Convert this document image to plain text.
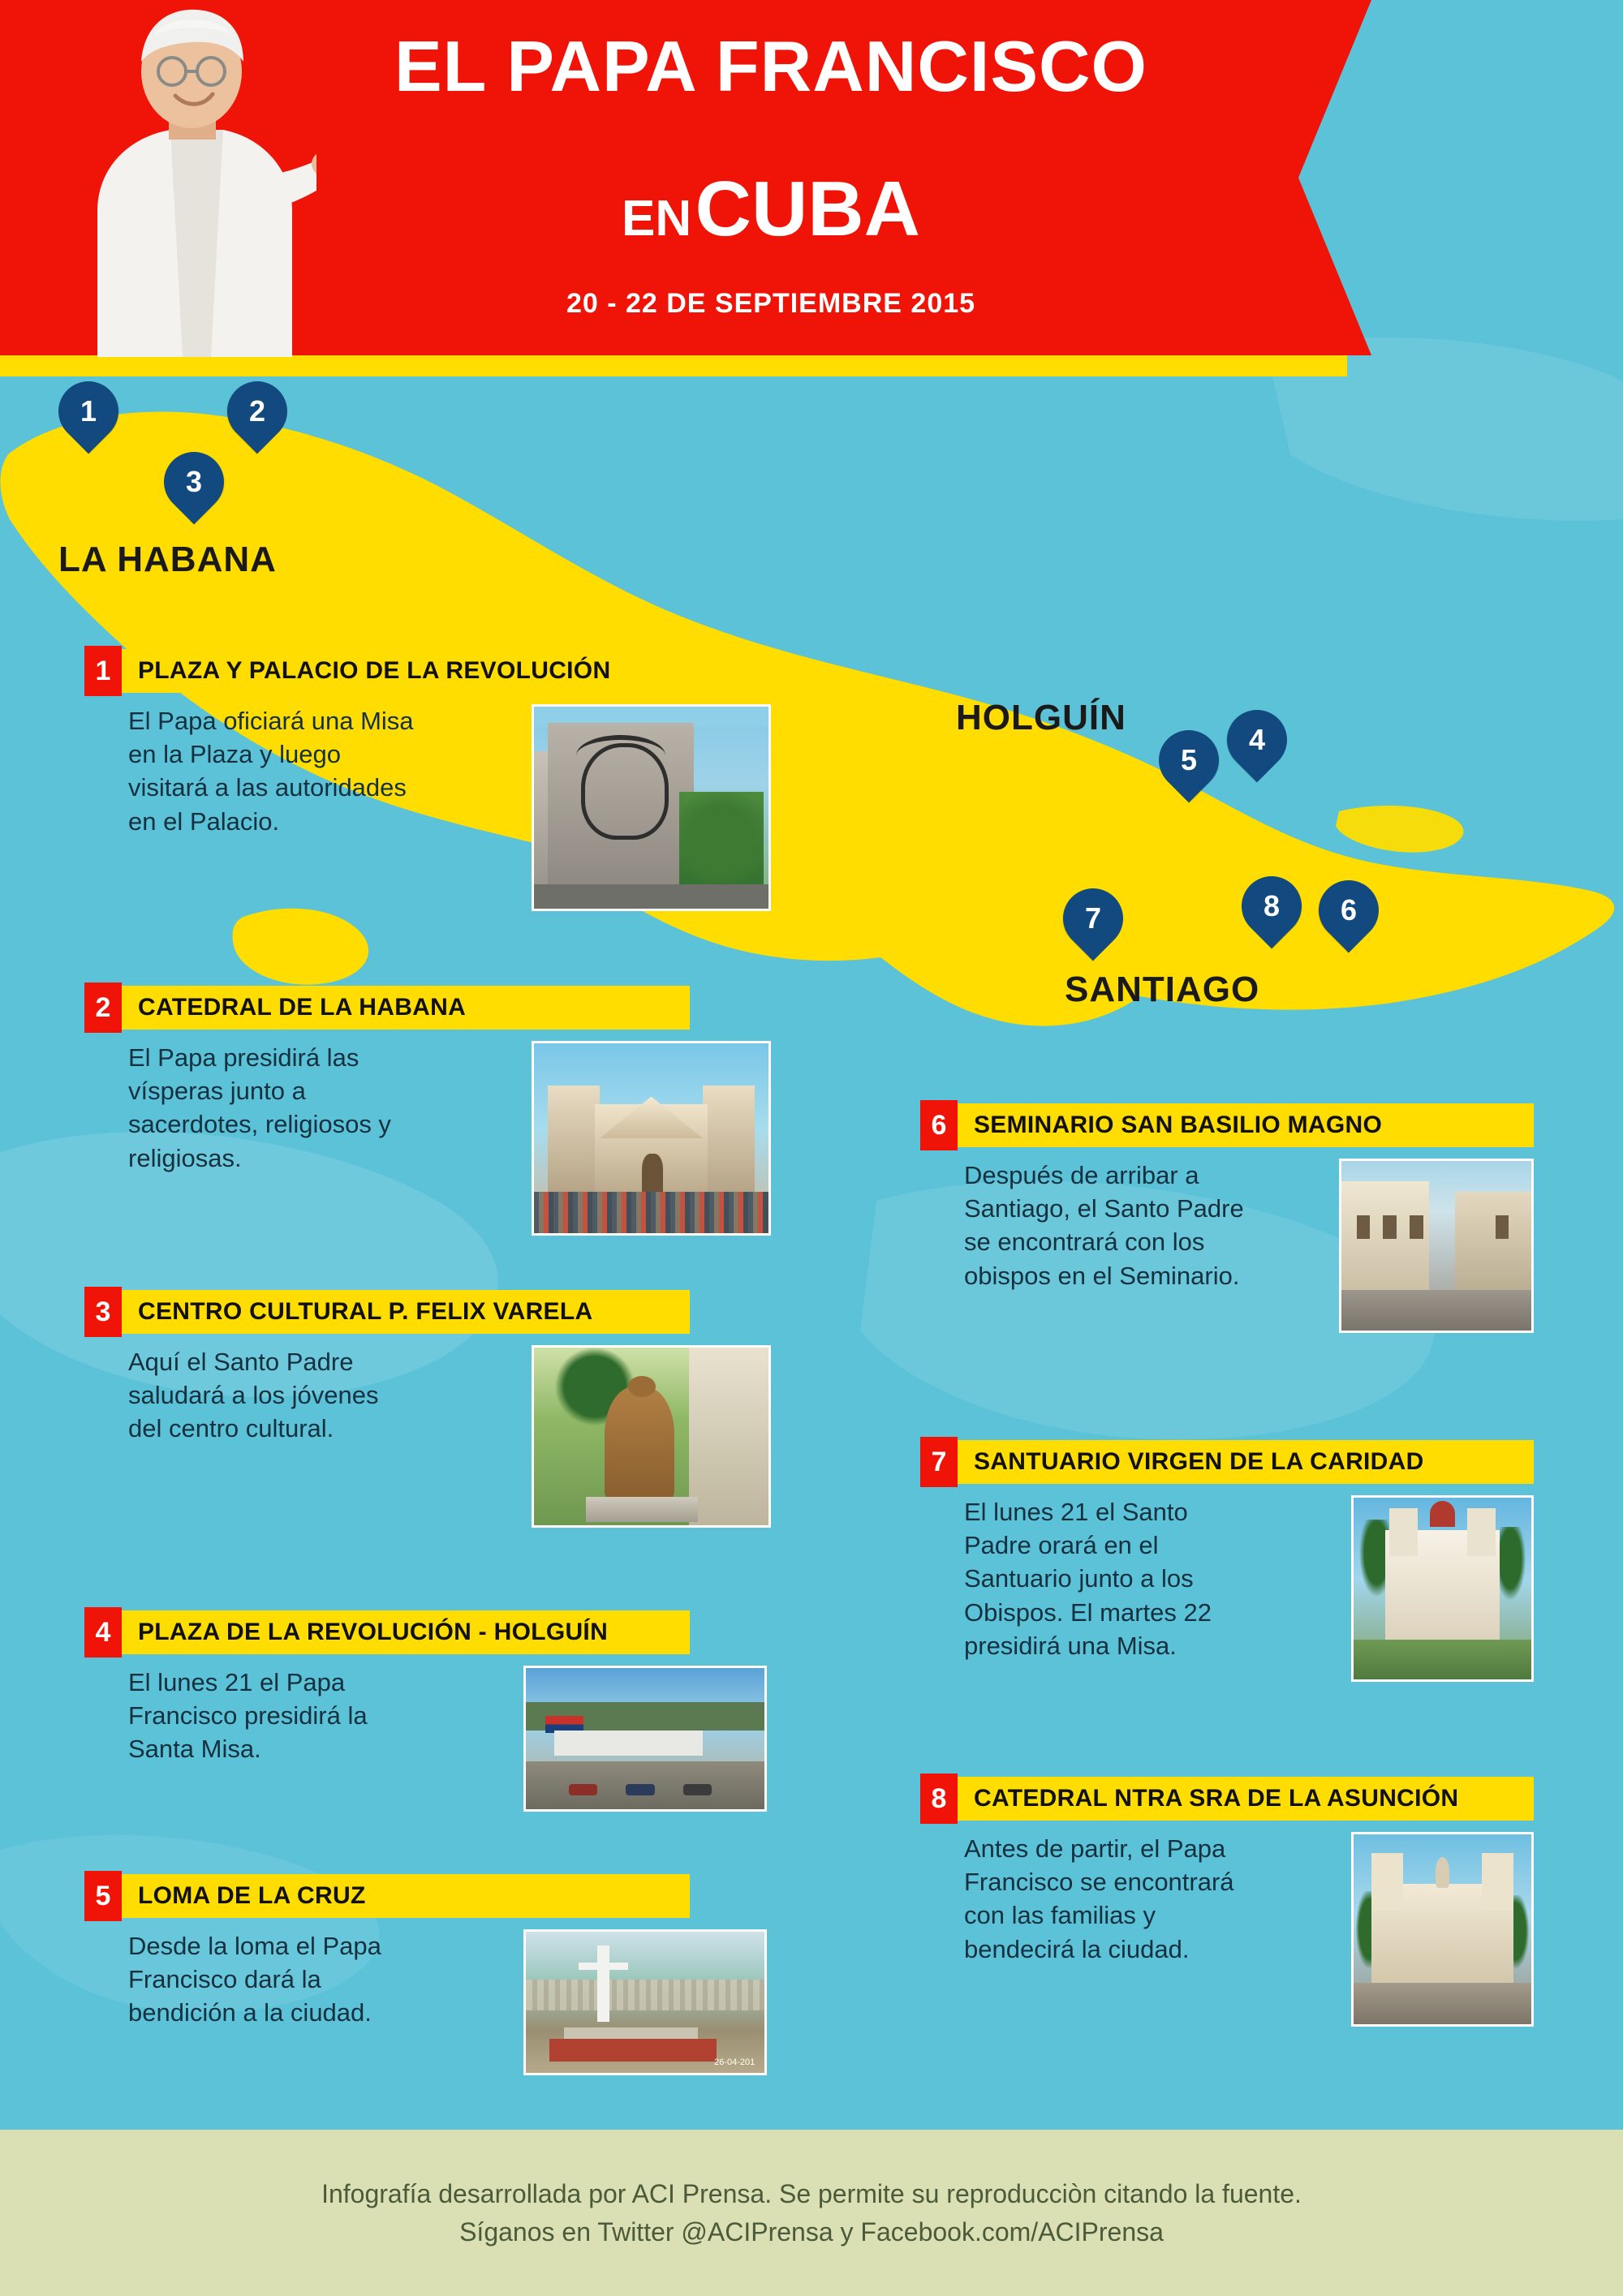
EL PAPA FRANCISCO
EN CUBA
20 - 22 DE SEPTIEMBRE 2015
1	2
3
4
5
6
7	8
LA HABANA
HOLGUÍN
SANTIAGO
1	PLAZA Y PALACIO DE LA REVOLUCIÓN
El Papa oficiará una Misa en la Plaza y luego visitará a las autoridades en el Palacio.
2	CATEDRAL DE LA HABANA
El Papa presidirá las vísperas junto a sacerdotes, religiosos y religiosas.
3	CENTRO CULTURAL P. FELIX VARELA
Aquí el Santo Padre saludará a los jóvenes del centro cultural.
4	PLAZA DE LA REVOLUCIÓN - HOLGUÍN
El lunes 21 el Papa Francisco presidirá la Santa Misa.
5	LOMA DE LA CRUZ
Desde la loma el Papa Francisco dará la bendición a la ciudad.
26-04-201
6	SEMINARIO SAN BASILIO MAGNO
Después de arribar a Santiago, el Santo Padre se encontrará con los obispos en el Seminario.
7	SANTUARIO VIRGEN DE LA CARIDAD
El lunes 21 el Santo Padre orará en el Santuario junto a los Obispos. El martes 22 presidirá una Misa.
8	CATEDRAL NTRA SRA DE LA ASUNCIÓN
Antes de partir, el Papa Francisco se encontrará con las familias y bendecirá la ciudad.
Infografía desarrollada por ACI Prensa. Se permite su reproducciòn citando la fuente.
Síganos en Twitter @ACIPrensa y Facebook.com/ACIPrensa
